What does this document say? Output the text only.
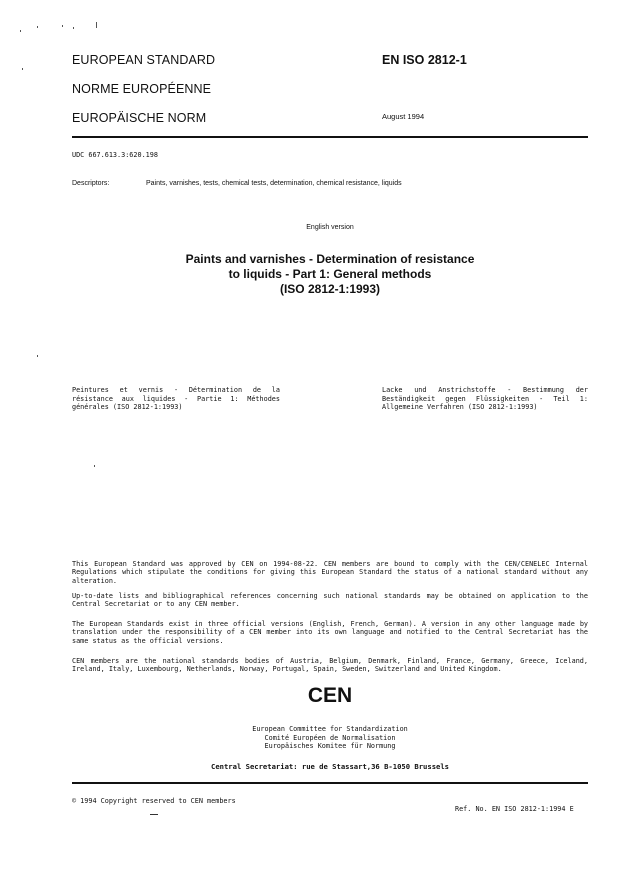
EUROPEAN STANDARD
NORME EUROPÉENNE
EUROPÄISCHE NORM
EN ISO 2812-1
August 1994
UDC 667.613.3:620.198
Descriptors:	Paints, varnishes, tests, chemical tests, determination, chemical resistance, liquids
English version
Paints and varnishes - Determination of resistance
to liquids - Part 1: General methods
(ISO 2812-1:1993)
Peintures et vernis - Détermination de la résistance aux liquides - Partie 1: Méthodes générales (ISO 2812-1:1993)
Lacke und Anstrichstoffe - Bestimmung der Beständigkeit gegen Flüssigkeiten - Teil 1: Allgemeine Verfahren (ISO 2812-1:1993)
This European Standard was approved by CEN on 1994-08-22. CEN members are bound to comply with the CEN/CENELEC Internal Regulations which stipulate the conditions for giving this European Standard the status of a national standard without any alteration.
Up-to-date lists and bibliographical references concerning such national standards may be obtained on application to the Central Secretariat or to any CEN member.
The European Standards exist in three official versions (English, French, German). A version in any other language made by translation under the responsibility of a CEN member into its own language and notified to the Central Secretariat has the same status as the official versions.
CEN members are the national standards bodies of Austria, Belgium, Denmark, Finland, France, Germany, Greece, Iceland, Ireland, Italy, Luxembourg, Netherlands, Norway, Portugal, Spain, Sweden, Switzerland and United Kingdom.
CEN
European Committee for Standardization
Comité Européen de Normalisation
Europäisches Komitee für Normung
Central Secretariat: rue de Stassart,36 B-1050 Brussels
© 1994 Copyright reserved to CEN members
Ref. No. EN ISO 2812-1:1994 E
